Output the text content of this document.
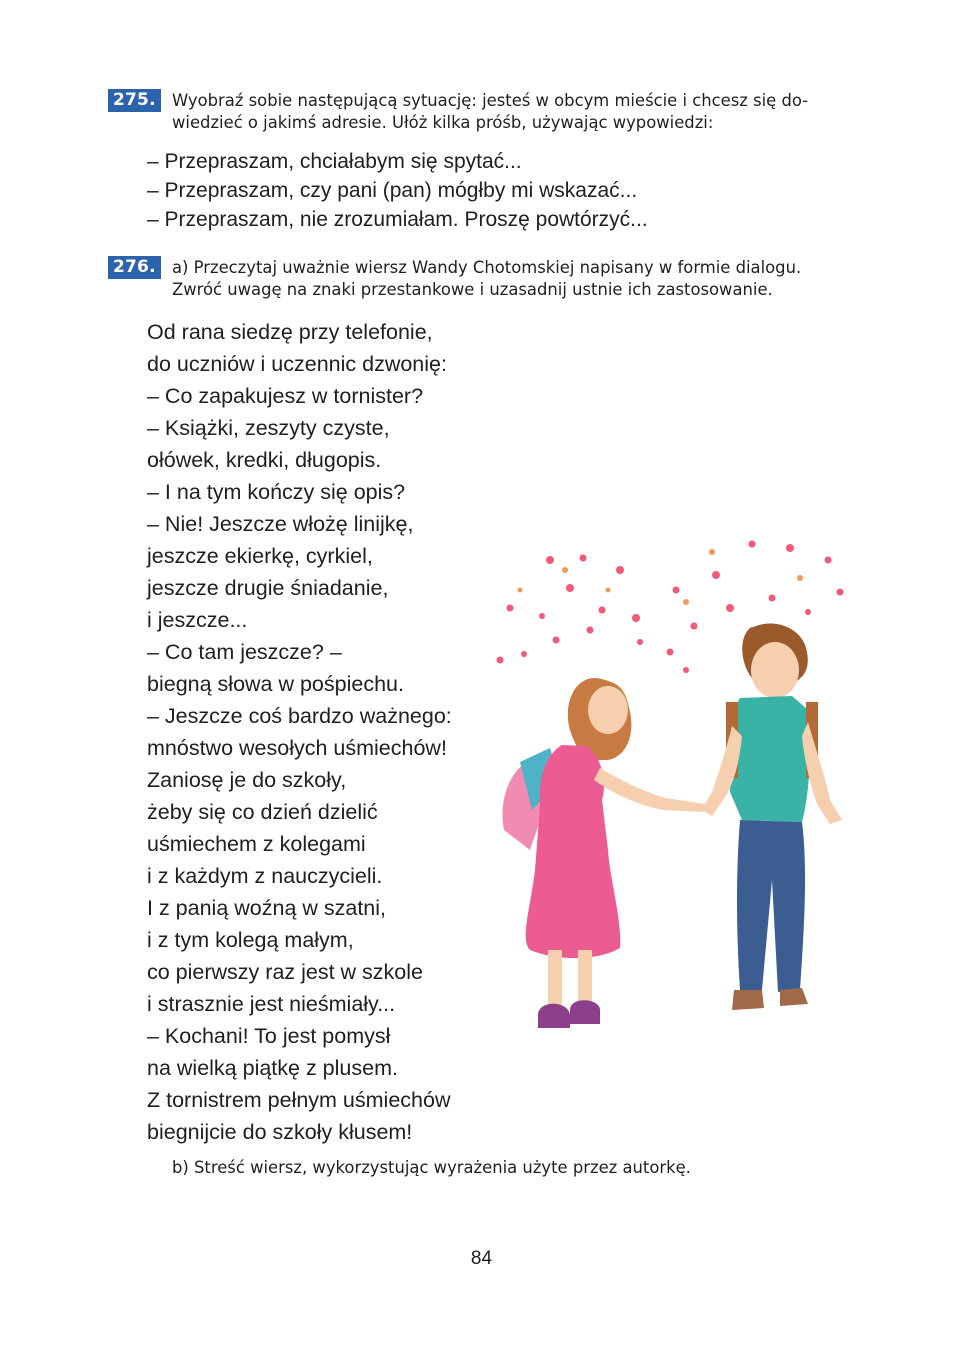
275. Wyobraź sobie następującą sytuację: jesteś w obcym mieście i chcesz się do-
wiedzieć o jakimś adresie. Ułóż kilka próśb, używając wypowiedzi:
– Przepraszam, chciałabym się spytać...
– Przepraszam, czy pani (pan) mógłby mi wskazać...
– Przepraszam, nie zrozumiałam. Proszę powtórzyć...
276. a) Przeczytaj uważnie wiersz Wandy Chotomskiej napisany w formie dialogu.
Zwróć uwagę na znaki przestankowe i uzasadnij ustnie ich zastosowanie.
Od rana siedzę przy telefonie,
do uczniów i uczennic dzwonię:
– Co zapakujesz w tornister?
– Książki, zeszyty czyste,
ołówek, kredki, długopis.
– I na tym kończy się opis?
– Nie! Jeszcze włożę linijkę,
jeszcze ekierkę, cyrkiel,
jeszcze drugie śniadanie,
i jeszcze...
– Co tam jeszcze? –
biegną słowa w pośpiechu.
– Jeszcze coś bardzo ważnego:
mnóstwo wesołych uśmiechów!
Zaniosę je do szkoły,
żeby się co dzień dzielić
uśmiechem z kolegami
i z każdym z nauczycieli.
I z panią woźną w szatni,
i z tym kolegą małym,
co pierwszy raz jest w szkole
i strasznie jest nieśmiały...
– Kochani! To jest pomysł
na wielką piątkę z plusem.
Z tornistrem pełnym uśmiechów
biegnijcie do szkoły kłusem!
b) Streść wiersz, wykorzystując wyrażenia użyte przez autorkę.
84
